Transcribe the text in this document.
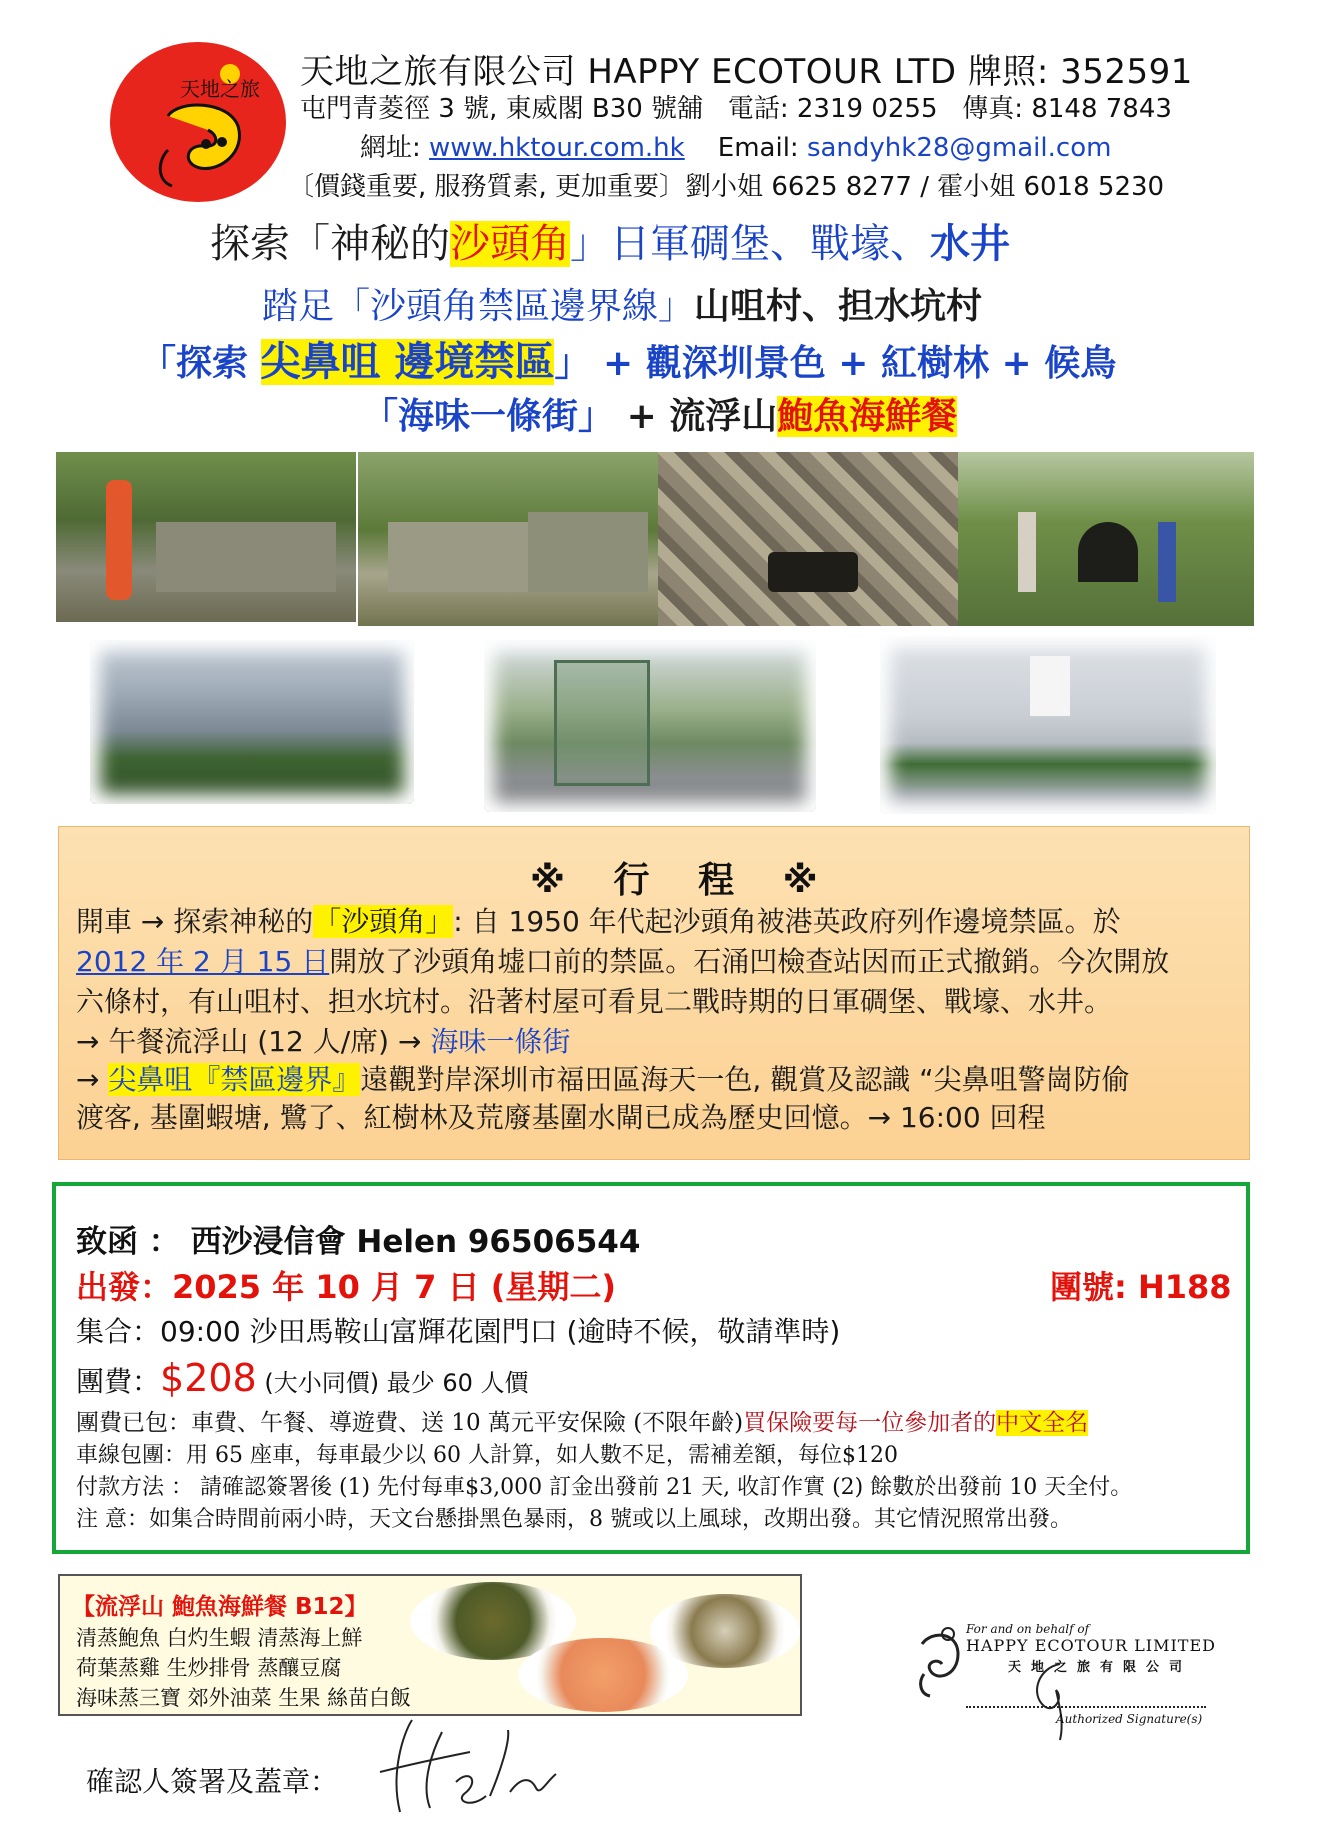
天地之旅 天地之旅有限公司 HAPPY ECOTOUR LTD 牌照: 352591
屯門青菱徑 3 號, 東威閣 B30 號舖 電話: 2319 0255 傳真: 8148 7843
網址: www.hktour.com.hk Email: sandyhk28@gmail.com
〔價錢重要, 服務質素, 更加重要〕劉小姐 6625 8277 / 霍小姐 6018 5230
探索「神秘的沙頭角」日軍碉堡、戰壕、水井
踏足「沙頭角禁區邊界線」山咀村、担水坑村
「探索 尖鼻咀 邊境禁區」 + 觀深圳景色 + 紅樹林 + 候鳥
「海味一條街」 + 流浮山鮑魚海鮮餐
※ 行 程 ※
開車 → 探索神秘的「沙頭角」: 自 1950 年代起沙頭角被港英政府列作邊境禁區。於
2012 年 2 月 15 日開放了沙頭角墟口前的禁區。石涌凹檢查站因而正式撤銷。今次開放
六條村，有山咀村、担水坑村。沿著村屋可看見二戰時期的日軍碉堡、戰壕、水井。
→ 午餐流浮山 (12 人/席) → 海味一條街
→ 尖鼻咀『禁區邊界』遠觀對岸深圳市福田區海天一色, 觀賞及認識 “尖鼻咀警崗防偷
渡客, 基圍蝦塘, 鷺了、紅樹林及荒廢基圍水閘已成為歷史回憶。→ 16:00 回程
致函 ： 西沙浸信會 Helen 96506544
出發：2025 年 10 月 7 日 (星期二)	團號: H188
集合：09:00 沙田馬鞍山富輝花園門口 (逾時不候，敬請準時)
團費：$208 (大小同價) 最少 60 人價
團費已包：車費、午餐、導遊費、送 10 萬元平安保險 (不限年齡)買保險要每一位參加者的中文全名
車線包團：用 65 座車，每車最少以 60 人計算，如人數不足，需補差額，每位$120
付款方法 ： 請確認簽署後 (1) 先付每車$3,000 訂金出發前 21 天, 收訂作實 (2) 餘數於出發前 10 天全付。
注 意：如集合時間前兩小時，天文台懸掛黑色暴雨，8 號或以上風球，改期出發。其它情況照常出發。
【流浮山 鮑魚海鮮餐 B12】
清蒸鮑魚 白灼生蝦 清蒸海上鮮
荷葉蒸雞 生炒排骨 蒸釀豆腐
海味蒸三寶 郊外油菜 生果 絲苗白飯
For and on behalf of
HAPPY ECOTOUR LIMITED
天地之旅有限公司
Authorized Signature(s)
確認人簽署及蓋章：
